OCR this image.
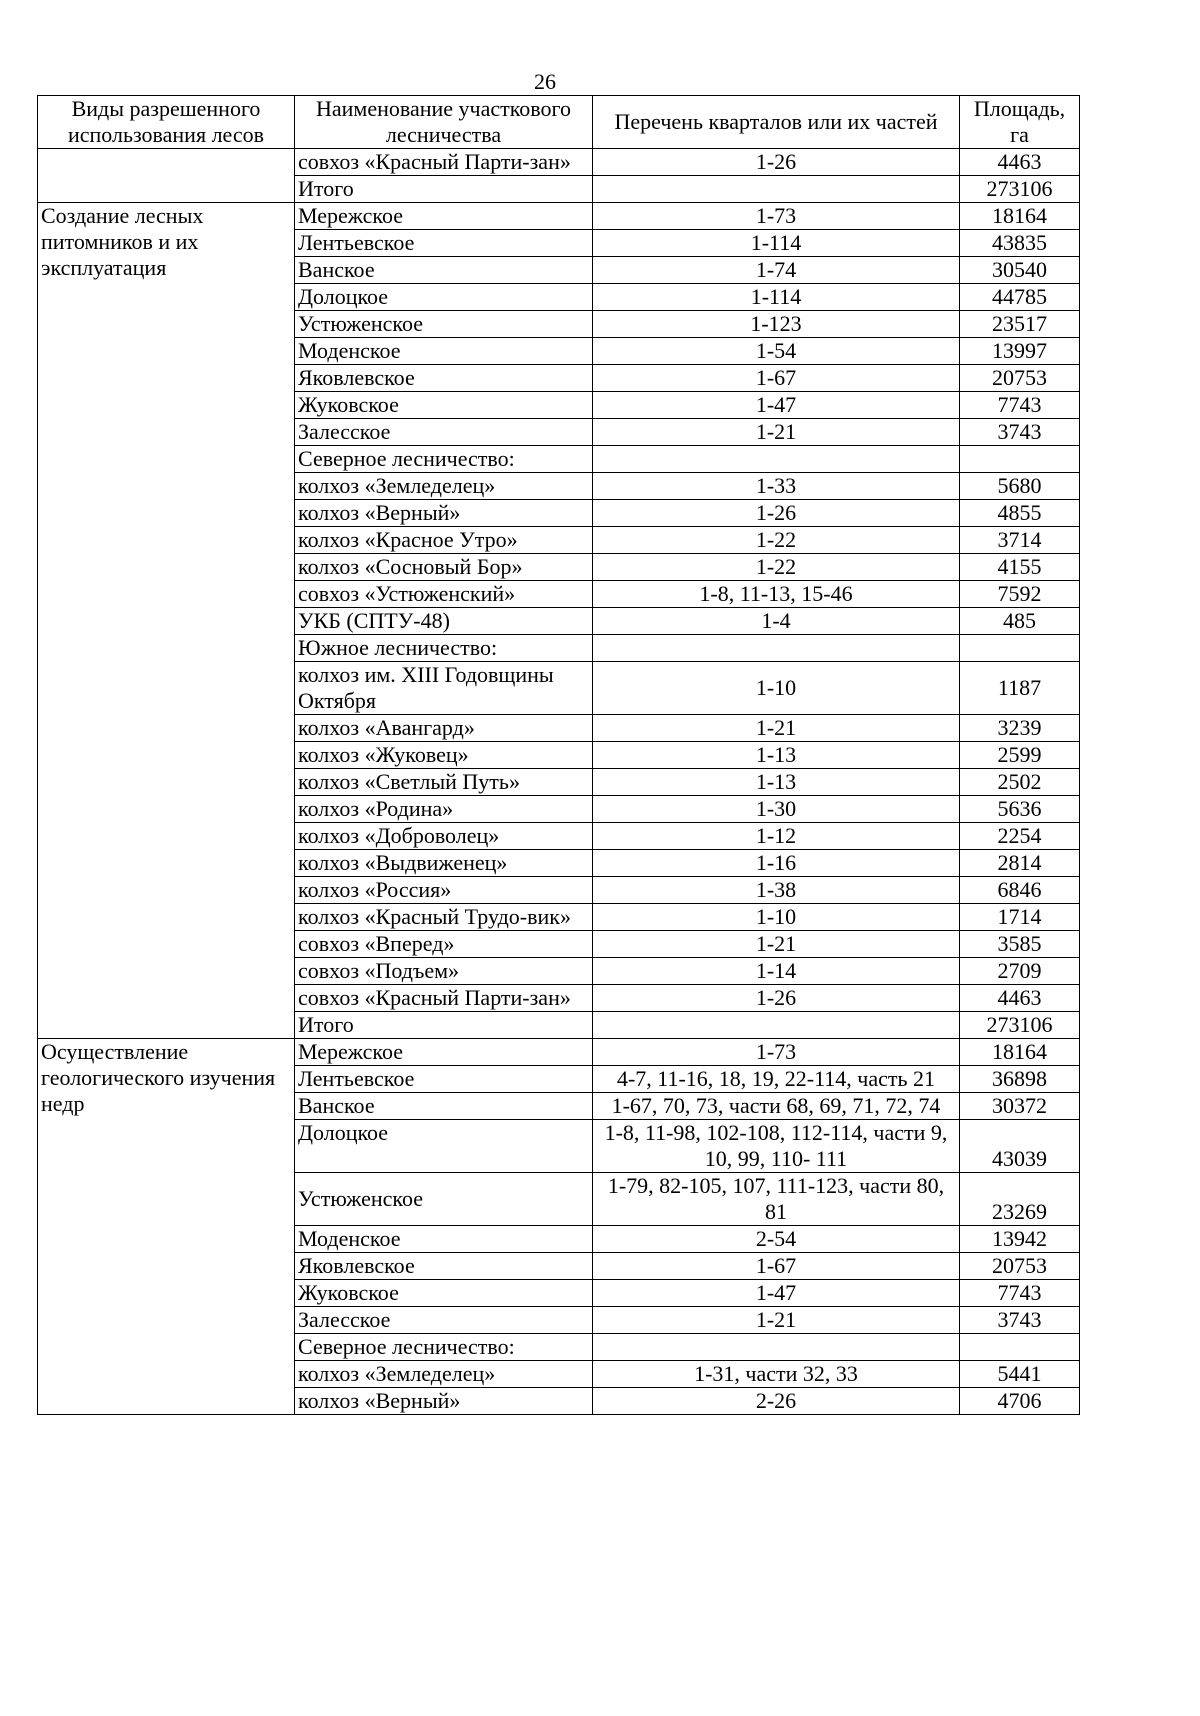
26
Виды разрешенного использования лесов	Наименование участкового лесничества	Перечень кварталов или их частей	Площадь, га
	совхоз «Красный Парти-зан»	1-26	4463
	Итого		273106
Создание лесных питомников и их эксплуатация	Мережское	1-73	18164
	Лентьевское	1-114	43835
	Ванское	1-74	30540
	Долоцкое	1-114	44785
	Устюженское	1-123	23517
	Моденское	1-54	13997
	Яковлевское	1-67	20753
	Жуковское	1-47	7743
	Залесское	1-21	3743
	Северное лесничество:		
	колхоз «Земледелец»	1-33	5680
	колхоз «Верный»	1-26	4855
	колхоз «Красное Утро»	1-22	3714
	колхоз «Сосновый Бор»	1-22	4155
	совхоз «Устюженский»	1-8, 11-13, 15-46	7592
	УКБ (СПТУ-48)	1-4	485
	Южное лесничество:		
	колхоз им. XIII Годовщины Октября	1-10	1187
	колхоз «Авангард»	1-21	3239
	колхоз «Жуковец»	1-13	2599
	колхоз «Светлый Путь»	1-13	2502
	колхоз «Родина»	1-30	5636
	колхоз «Доброволец»	1-12	2254
	колхоз «Выдвиженец»	1-16	2814
	колхоз «Россия»	1-38	6846
	колхоз «Красный Трудо-вик»	1-10	1714
	совхоз «Вперед»	1-21	3585
	совхоз «Подъем»	1-14	2709
	совхоз «Красный Парти-зан»	1-26	4463
	Итого		273106
Осуществление геологического изучения недр	Мережское	1-73	18164
	Лентьевское	4-7, 11-16, 18, 19, 22-114, часть 21	36898
	Ванское	1-67, 70, 73, части 68, 69, 71, 72, 74	30372
	Долоцкое	1-8, 11-98, 102-108, 112-114, части 9, 10, 99, 110- 111	43039
	Устюженское	1-79, 82-105, 107, 111-123, части 80, 81	23269
	Моденское	2-54	13942
	Яковлевское	1-67	20753
	Жуковское	1-47	7743
	Залесское	1-21	3743
	Северное лесничество:		
	колхоз «Земледелец»	1-31, части 32, 33	5441
	колхоз «Верный»	2-26	4706
